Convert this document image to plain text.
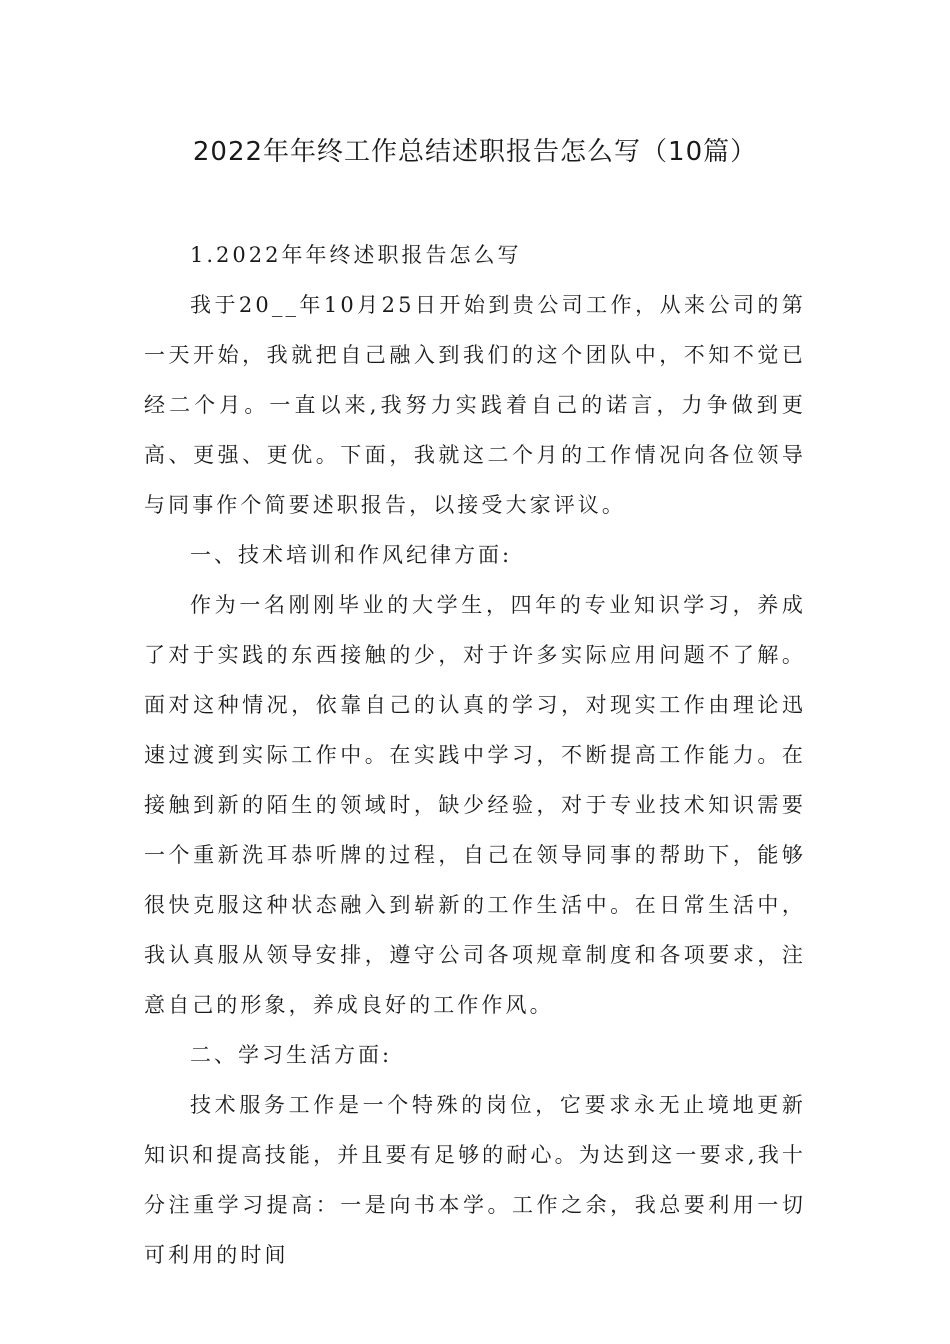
2022年年终工作总结述职报告怎么写（10篇）

1.2022年年终述职报告怎么写

我于20__年10月25日开始到贵公司工作，从来公司的第一天开始，我就把自己融入到我们的这个团队中，不知不觉已经二个月。一直以来,我努力实践着自己的诺言，力争做到更高、更强、更优。下面，我就这二个月的工作情况向各位领导与同事作个简要述职报告，以接受大家评议。

一、技术培训和作风纪律方面:

作为一名刚刚毕业的大学生，四年的专业知识学习，养成了对于实践的东西接触的少，对于许多实际应用问题不了解。面对这种情况，依靠自己的认真的学习，对现实工作由理论迅速过渡到实际工作中。在实践中学习，不断提高工作能力。在接触到新的陌生的领域时，缺少经验，对于专业技术知识需要一个重新洗耳恭听牌的过程，自己在领导同事的帮助下，能够很快克服这种状态融入到崭新的工作生活中。在日常生活中，我认真服从领导安排，遵守公司各项规章制度和各项要求，注意自己的形象，养成良好的工作作风。

二、学习生活方面:

技术服务工作是一个特殊的岗位，它要求永无止境地更新知识和提高技能，并且要有足够的耐心。为达到这一要求,我十分注重学习提高：一是向书本学。工作之余，我总要利用一切可利用的时间
